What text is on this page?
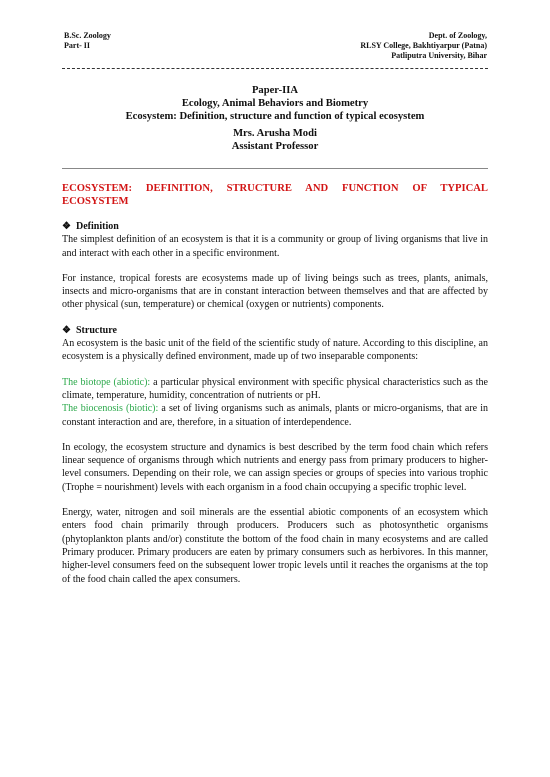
B.Sc. Zoology
Part- II
Dept. of Zoology,
RLSY College, Bakhtiyarpur (Patna)
Patliputra University, Bihar
Paper-IIA
Ecology, Animal Behaviors and Biometry
Ecosystem: Definition, structure and function of typical ecosystem
Mrs. Arusha Modi
Assistant Professor
ECOSYSTEM: DEFINITION, STRUCTURE AND FUNCTION OF TYPICAL ECOSYSTEM
❖ Definition

The simplest definition of an ecosystem is that it is a community or group of living organisms that live in and interact with each other in a specific environment.

For instance, tropical forests are ecosystems made up of living beings such as trees, plants, animals, insects and micro-organisms that are in constant interaction between themselves and that are affected by other physical (sun, temperature) or chemical (oxygen or nutrients) components.

❖ Structure

An ecosystem is the basic unit of the field of the scientific study of nature. According to this discipline, an ecosystem is a physically defined environment, made up of two inseparable components:

The biotope (abiotic): a particular physical environment with specific physical characteristics such as the climate, temperature, humidity, concentration of nutrients or pH.

The biocenosis (biotic): a set of living organisms such as animals, plants or micro-organisms, that are in constant interaction and are, therefore, in a situation of interdependence.

In ecology, the ecosystem structure and dynamics is best described by the term food chain which refers linear sequence of organisms through which nutrients and energy pass from primary producers to higher-level consumers. Depending on their role, we can assign species or groups of species into various trophic (Trophe = nourishment) levels with each organism in a food chain occupying a specific trophic level.

Energy, water, nitrogen and soil minerals are the essential abiotic components of an ecosystem which enters food chain primarily through producers. Producers such as photosynthetic organisms (phytoplankton plants and/or) constitute the bottom of the food chain in many ecosystems and are called Primary producer. Primary producers are eaten by primary consumers such as herbivores. In this manner, higher-level consumers feed on the subsequent lower tropic levels until it reaches the organisms at the top of the food chain called the apex consumers.
